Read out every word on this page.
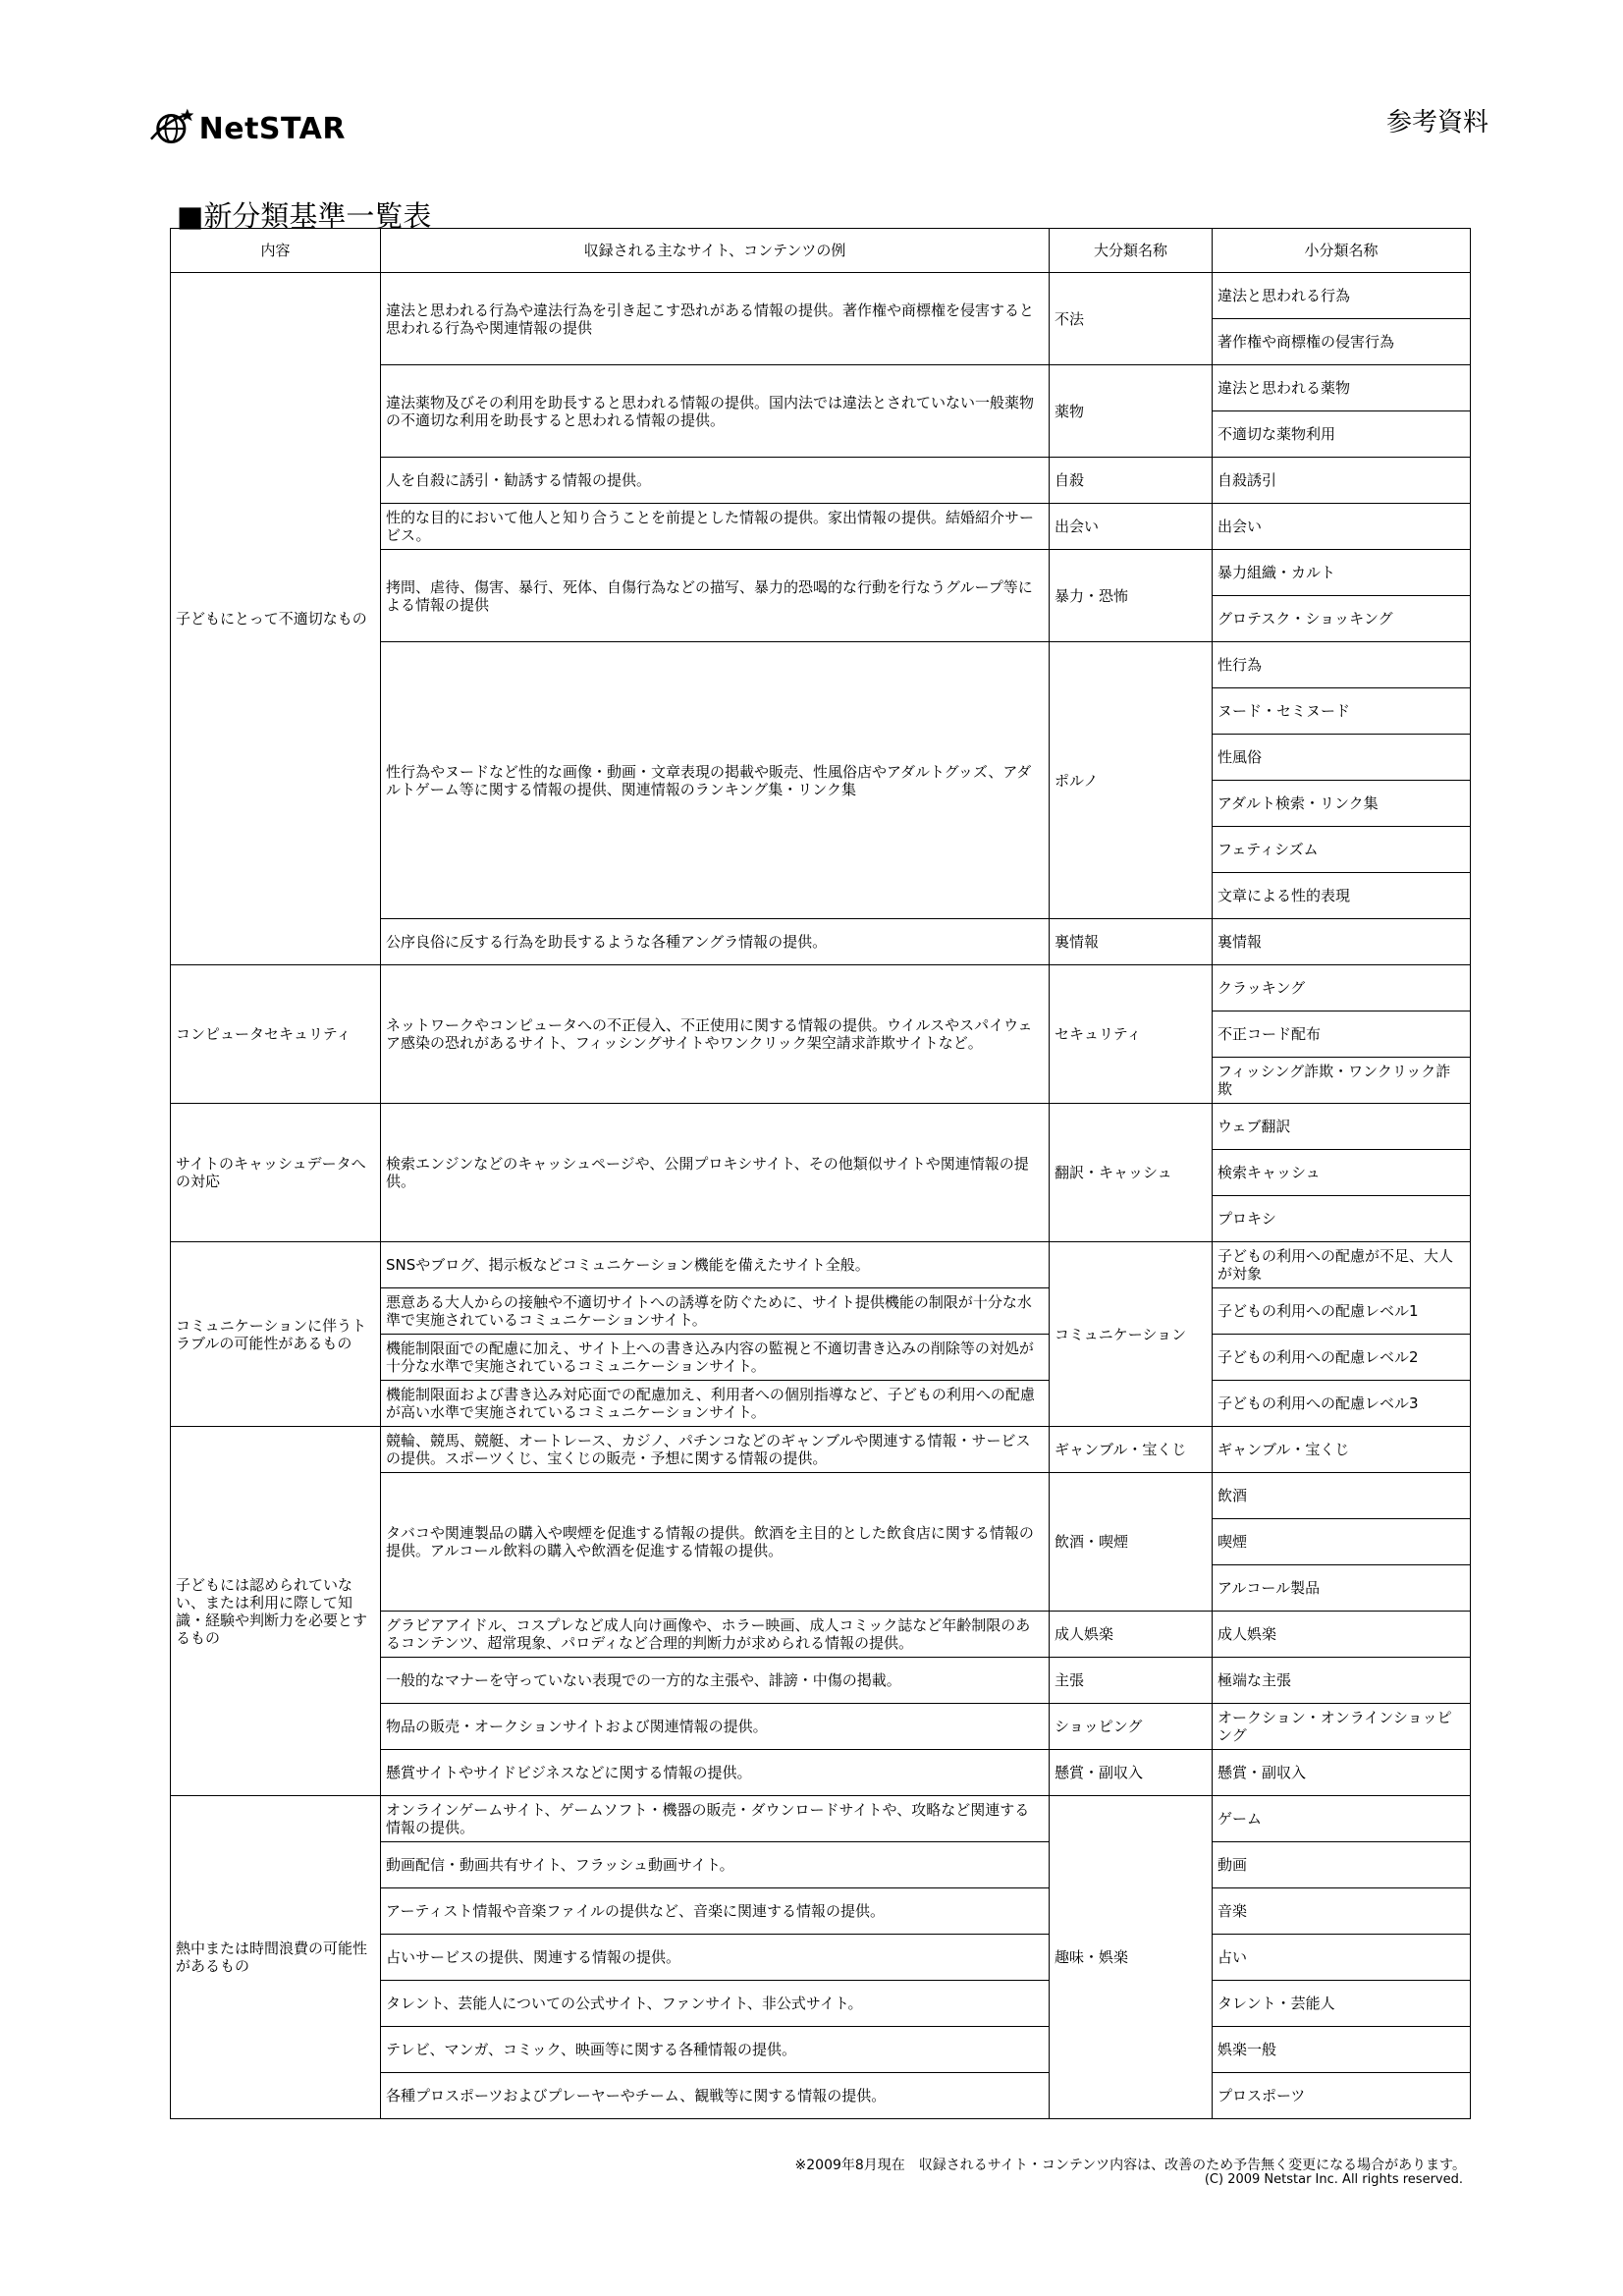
NetSTAR	参考資料
■新分類基準一覧表
内容	収録される主なサイト、コンテンツの例	大分類名称	小分類名称
子どもにとって不適切なもの	違法と思われる行為や違法行為を引き起こす恐れがある情報の提供。著作権や商標権を侵害すると思われる行為や関連情報の提供	不法	違法と思われる行為
			著作権や商標権の侵害行為
	違法薬物及びその利用を助長すると思われる情報の提供。国内法では違法とされていない一般薬物の不適切な利用を助長すると思われる情報の提供。	薬物	違法と思われる薬物
			不適切な薬物利用
	人を自殺に誘引・勧誘する情報の提供。	自殺	自殺誘引
	性的な目的において他人と知り合うことを前提とした情報の提供。家出情報の提供。結婚紹介サービス。	出会い	出会い
	拷問、虐待、傷害、暴行、死体、自傷行為などの描写、暴力的恐喝的な行動を行なうグループ等による情報の提供	暴力・恐怖	暴力組織・カルト
			グロテスク・ショッキング
	性行為やヌードなど性的な画像・動画・文章表現の掲載や販売、性風俗店やアダルトグッズ、アダルトゲーム等に関する情報の提供、関連情報のランキング集・リンク集	ポルノ	性行為
			ヌード・セミヌード
			性風俗
			アダルト検索・リンク集
			フェティシズム
			文章による性的表現
	公序良俗に反する行為を助長するような各種アングラ情報の提供。	裏情報	裏情報
コンピュータセキュリティ	ネットワークやコンピュータへの不正侵入、不正使用に関する情報の提供。ウイルスやスパイウェア感染の恐れがあるサイト、フィッシングサイトやワンクリック架空請求詐欺サイトなど。	セキュリティ	クラッキング
			不正コード配布
			フィッシング詐欺・ワンクリック詐欺
サイトのキャッシュデータへの対応	検索エンジンなどのキャッシュページや、公開プロキシサイト、その他類似サイトや関連情報の提供。	翻訳・キャッシュ	ウェブ翻訳
			検索キャッシュ
			プロキシ
コミュニケーションに伴うトラブルの可能性があるもの	SNSやブログ、掲示板などコミュニケーション機能を備えたサイト全般。	コミュニケーション	子どもの利用への配慮が不足、大人が対象
	悪意ある大人からの接触や不適切サイトへの誘導を防ぐために、サイト提供機能の制限が十分な水準で実施されているコミュニケーションサイト。		子どもの利用への配慮レベル1
	機能制限面での配慮に加え、サイト上への書き込み内容の監視と不適切書き込みの削除等の対処が十分な水準で実施されているコミュニケーションサイト。		子どもの利用への配慮レベル2
	機能制限面および書き込み対応面での配慮加え、利用者への個別指導など、子どもの利用への配慮が高い水準で実施されているコミュニケーションサイト。		子どもの利用への配慮レベル3
子どもには認められていない、または利用に際して知識・経験や判断力を必要とするもの	競輪、競馬、競艇、オートレース、カジノ、パチンコなどのギャンブルや関連する情報・サービスの提供。スポーツくじ、宝くじの販売・予想に関する情報の提供。	ギャンブル・宝くじ	ギャンブル・宝くじ
	タバコや関連製品の購入や喫煙を促進する情報の提供。飲酒を主目的とした飲食店に関する情報の提供。アルコール飲料の購入や飲酒を促進する情報の提供。	飲酒・喫煙	飲酒
			喫煙
			アルコール製品
	グラビアアイドル、コスプレなど成人向け画像や、ホラー映画、成人コミック誌など年齢制限のあるコンテンツ、超常現象、パロディなど合理的判断力が求められる情報の提供。	成人娯楽	成人娯楽
	一般的なマナーを守っていない表現での一方的な主張や、誹謗・中傷の掲載。	主張	極端な主張
	物品の販売・オークションサイトおよび関連情報の提供。	ショッピング	オークション・オンラインショッピング
	懸賞サイトやサイドビジネスなどに関する情報の提供。	懸賞・副収入	懸賞・副収入
熱中または時間浪費の可能性があるもの	オンラインゲームサイト、ゲームソフト・機器の販売・ダウンロードサイトや、攻略など関連する情報の提供。	趣味・娯楽	ゲーム
	動画配信・動画共有サイト、フラッシュ動画サイト。		動画
	アーティスト情報や音楽ファイルの提供など、音楽に関連する情報の提供。		音楽
	占いサービスの提供、関連する情報の提供。		占い
	タレント、芸能人についての公式サイト、ファンサイト、非公式サイト。		タレント・芸能人
	テレビ、マンガ、コミック、映画等に関する各種情報の提供。		娯楽一般
	各種プロスポーツおよびプレーヤーやチーム、観戦等に関する情報の提供。		プロスポーツ
※2009年8月現在　収録されるサイト・コンテンツ内容は、改善のため予告無く変更になる場合があります。
(C) 2009 Netstar Inc. All rights reserved.
